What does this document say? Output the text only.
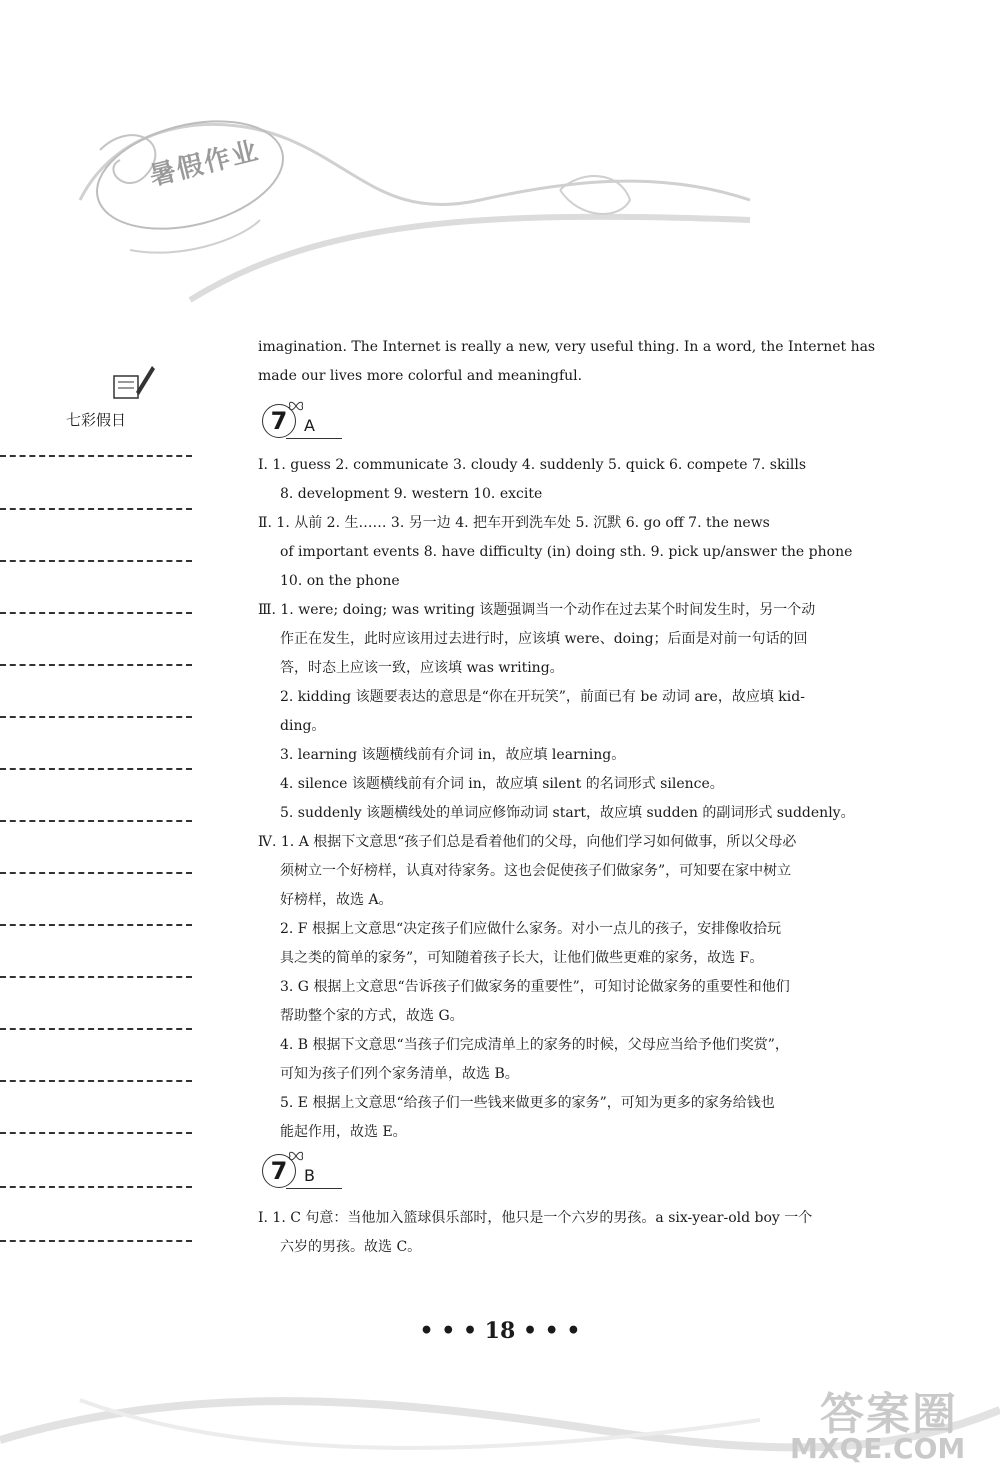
暑假作业
七彩假日
imagination. The Internet is really a new, very useful thing. In a word, the Internet has
made our lives more colorful and meaningful.
7	A
Ⅰ. 1. guess 2. communicate 3. cloudy 4. suddenly 5. quick 6. compete 7. skills
8. development 9. western 10. excite
Ⅱ. 1. 从前 2. 生…… 3. 另一边 4. 把车开到洗车处 5. 沉默 6. go off 7. the news
of important events 8. have difficulty (in) doing sth. 9. pick up/answer the phone
10. on the phone
Ⅲ. 1. were; doing; was writing 该题强调当一个动作在过去某个时间发生时，另一个动
作正在发生，此时应该用过去进行时，应该填 were、doing；后面是对前一句话的回
答，时态上应该一致，应该填 was writing。
2. kidding 该题要表达的意思是“你在开玩笑”，前面已有 be 动词 are，故应填 kid-
ding。
3. learning 该题横线前有介词 in，故应填 learning。
4. silence 该题横线前有介词 in，故应填 silent 的名词形式 silence。
5. suddenly 该题横线处的单词应修饰动词 start，故应填 sudden 的副词形式 suddenly。
Ⅳ. 1. A 根据下文意思“孩子们总是看着他们的父母，向他们学习如何做事，所以父母必
须树立一个好榜样，认真对待家务。这也会促使孩子们做家务”，可知要在家中树立
好榜样，故选 A。
2. F 根据上文意思“决定孩子们应做什么家务。对小一点儿的孩子，安排像收拾玩
具之类的简单的家务”，可知随着孩子长大，让他们做些更难的家务，故选 F。
3. G 根据上文意思“告诉孩子们做家务的重要性”，可知讨论做家务的重要性和他们
帮助整个家的方式，故选 G。
4. B 根据下文意思“当孩子们完成清单上的家务的时候，父母应当给予他们奖赏”，
可知为孩子们列个家务清单，故选 B。
5. E 根据上文意思“给孩子们一些钱来做更多的家务”，可知为更多的家务给钱也
能起作用，故选 E。
7	B
Ⅰ. 1. C 句意：当他加入篮球俱乐部时，他只是一个六岁的男孩。a six-year-old boy 一个
六岁的男孩。故选 C。
• • • 18 • • •
答案圈
MXQE.COM
